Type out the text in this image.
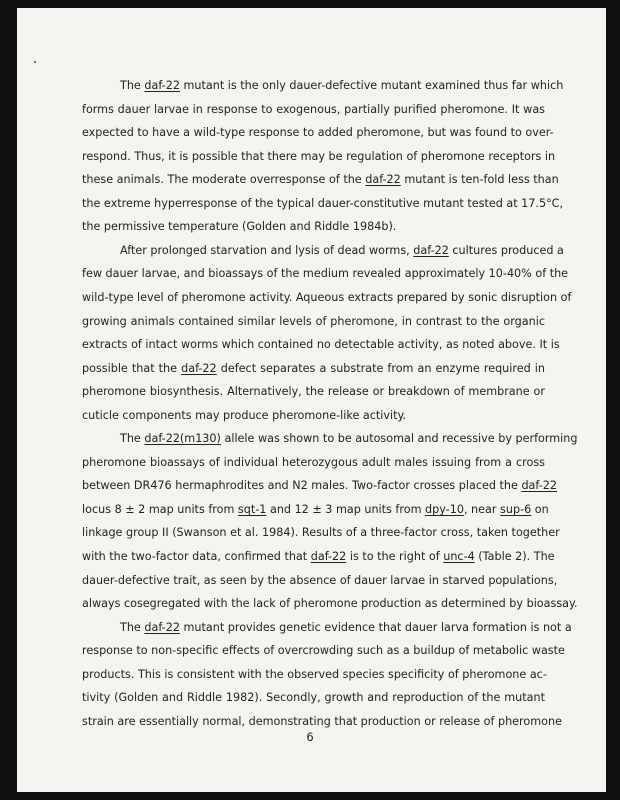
The daf-22 mutant is the only dauer-defective mutant examined thus far which
forms dauer larvae in response to exogenous, partially purified pheromone. It was
expected to have a wild-type response to added pheromone, but was found to over-
respond. Thus, it is possible that there may be regulation of pheromone receptors in
these animals. The moderate overresponse of the daf-22 mutant is ten-fold less than
the extreme hyperresponse of the typical dauer-constitutive mutant tested at 17.5°C,
the permissive temperature (Golden and Riddle 1984b).
After prolonged starvation and lysis of dead worms, daf-22 cultures produced a
few dauer larvae, and bioassays of the medium revealed approximately 10-40% of the
wild-type level of pheromone activity. Aqueous extracts prepared by sonic disruption of
growing animals contained similar levels of pheromone, in contrast to the organic
extracts of intact worms which contained no detectable activity, as noted above. It is
possible that the daf-22 defect separates a substrate from an enzyme required in
pheromone biosynthesis. Alternatively, the release or breakdown of membrane or
cuticle components may produce pheromone-like activity.
The daf-22(m130) allele was shown to be autosomal and recessive by performing
pheromone bioassays of individual heterozygous adult males issuing from a cross
between DR476 hermaphrodites and N2 males. Two-factor crosses placed the daf-22
locus 8 ± 2 map units from sqt-1 and 12 ± 3 map units from dpy-10, near sup-6 on
linkage group II (Swanson et al. 1984). Results of a three-factor cross, taken together
with the two-factor data, confirmed that daf-22 is to the right of unc-4 (Table 2). The
dauer-defective trait, as seen by the absence of dauer larvae in starved populations,
always cosegregated with the lack of pheromone production as determined by bioassay.
The daf-22 mutant provides genetic evidence that dauer larva formation is not a
response to non-specific effects of overcrowding such as a buildup of metabolic waste
products. This is consistent with the observed species specificity of pheromone ac-
tivity (Golden and Riddle 1982). Secondly, growth and reproduction of the mutant
strain are essentially normal, demonstrating that production or release of pheromone
6
